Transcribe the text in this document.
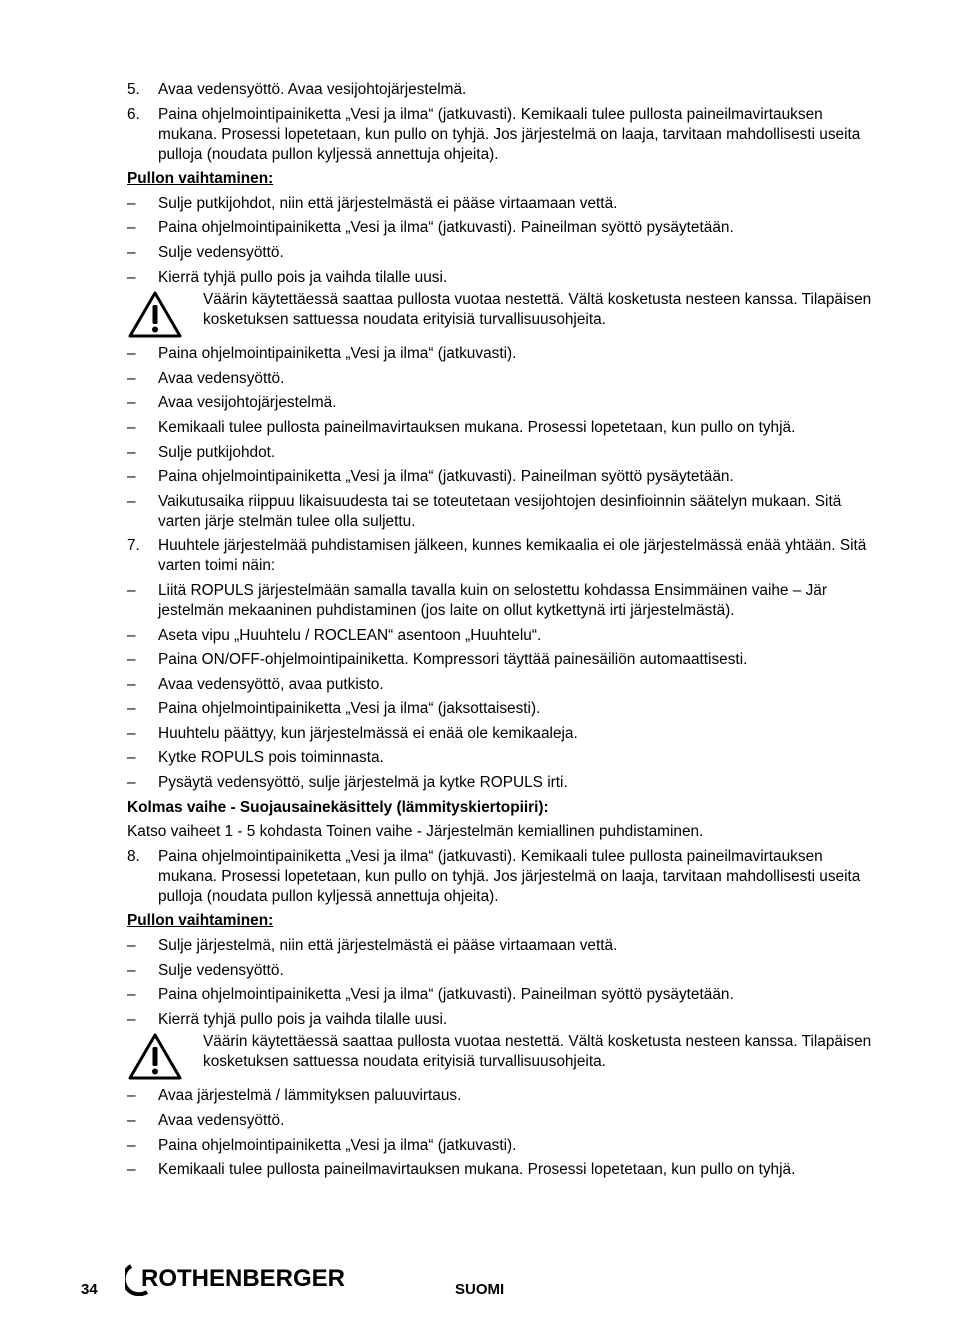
5. Avaa vedensyöttö. Avaa vesijohtojärjestelmä.
6. Paina ohjelmointipainiketta „Vesi ja ilma“ (jatkuvasti). Kemikaali tulee pullosta paineilmavirtauksen mukana. Prosessi lopetetaan, kun pullo on tyhjä. Jos järjestelmä on laaja, tarvitaan mahdollisesti useita pulloja (noudata pullon kyljessä annettuja ohjeita).
Pullon vaihtaminen:
– Sulje putkijohdot, niin että järjestelmästä ei pääse virtaamaan vettä.
– Paina ohjelmointipainiketta „Vesi ja ilma“ (jatkuvasti). Paineilman syöttö pysäytetään.
– Sulje vedensyöttö.
– Kierrä tyhjä pullo pois ja vaihda tilalle uusi.
Väärin käytettäessä saattaa pullosta vuotaa nestettä. Vältä kosketusta nesteen kanssa. Tilapäisen kosketuksen sattuessa noudata erityisiä turvallisuusohjeita.
– Paina ohjelmointipainiketta „Vesi ja ilma“ (jatkuvasti).
– Avaa vedensyöttö.
– Avaa vesijohtojärjestelmä.
– Kemikaali tulee pullosta paineilmavirtauksen mukana. Prosessi lopetetaan, kun pullo on tyhjä.
– Sulje putkijohdot.
– Paina ohjelmointipainiketta „Vesi ja ilma“ (jatkuvasti). Paineilman syöttö pysäytetään.
– Vaikutusaika riippuu likaisuudesta tai se toteutetaan vesijohtojen desinfioinnin säätelyn mukaan. Sitä varten järje stelmän tulee olla suljettu.
7. Huuhtele järjestelmää puhdistamisen jälkeen, kunnes kemikaalia ei ole järjestelmässä enää yhtään. Sitä varten toimi näin:
– Liitä ROPULS järjestelmään samalla tavalla kuin on selostettu kohdassa Ensimmäinen vaihe – Jär jestelmän mekaaninen puhdistaminen (jos laite on ollut kytkettynä irti järjestelmästä).
– Aseta vipu „Huuhtelu / ROCLEAN“ asentoon „Huuhtelu“.
– Paina ON/OFF-ohjelmointipainiketta. Kompressori täyttää painesäiliön automaattisesti.
– Avaa vedensyöttö, avaa putkisto.
– Paina ohjelmointipainiketta „Vesi ja ilma“ (jaksottaisesti).
– Huuhtelu päättyy, kun järjestelmässä ei enää ole kemikaaleja.
– Kytke ROPULS pois toiminnasta.
– Pysäytä vedensyöttö, sulje järjestelmä ja kytke ROPULS irti.
Kolmas vaihe - Suojausainekäsittely (lämmityskiertopiiri):
Katso vaiheet 1 - 5 kohdasta Toinen vaihe - Järjestelmän kemiallinen puhdistaminen.
8. Paina ohjelmointipainiketta „Vesi ja ilma“ (jatkuvasti). Kemikaali tulee pullosta paineilmavirtauksen mukana. Prosessi lopetetaan, kun pullo on tyhjä. Jos järjestelmä on laaja, tarvitaan mahdollisesti useita pulloja (noudata pullon kyljessä annettuja ohjeita).
Pullon vaihtaminen:
– Sulje järjestelmä, niin että järjestelmästä ei pääse virtaamaan vettä.
– Sulje vedensyöttö.
– Paina ohjelmointipainiketta „Vesi ja ilma“ (jatkuvasti). Paineilman syöttö pysäytetään.
– Kierrä tyhjä pullo pois ja vaihda tilalle uusi.
Väärin käytettäessä saattaa pullosta vuotaa nestettä. Vältä kosketusta nesteen kanssa. Tilapäisen kosketuksen sattuessa noudata erityisiä turvallisuusohjeita.
– Avaa järjestelmä / lämmityksen paluuvirtaus.
– Avaa vedensyöttö.
– Paina ohjelmointipainiketta „Vesi ja ilma“ (jatkuvasti).
– Kemikaali tulee pullosta paineilmavirtauksen mukana. Prosessi lopetetaan, kun pullo on tyhjä.
ROTHENBERGER
34	SUOMI
